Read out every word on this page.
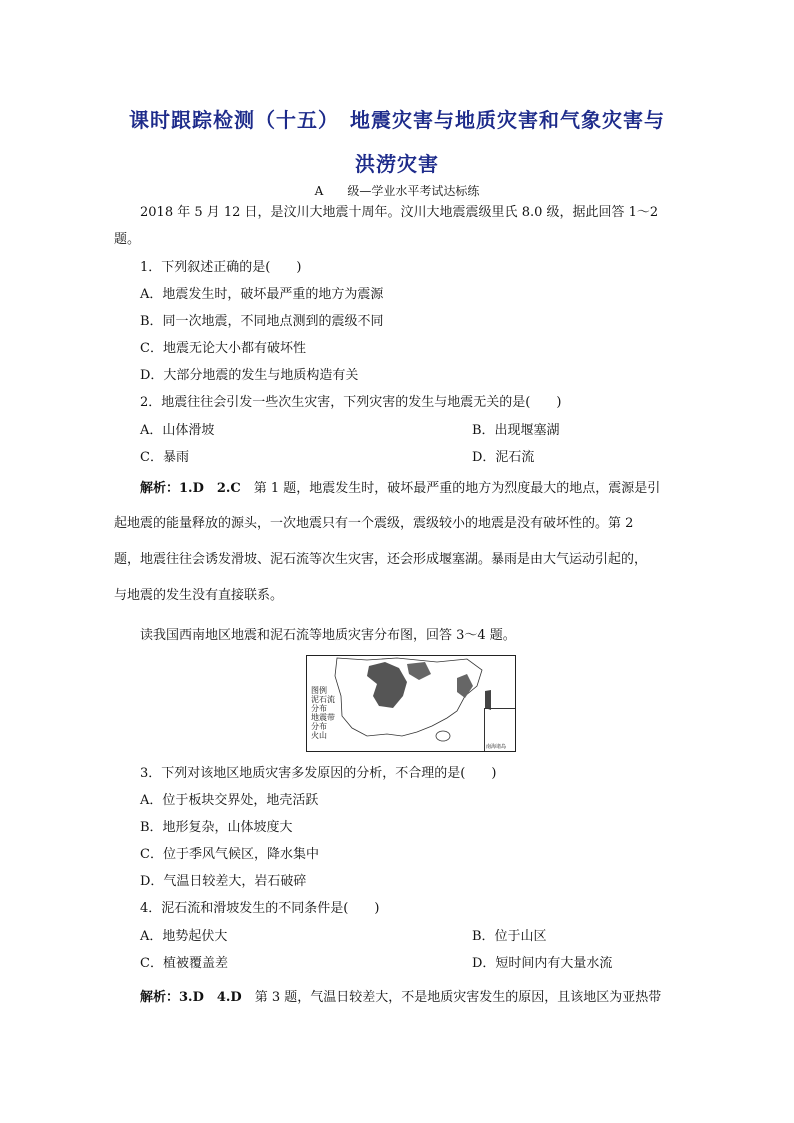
课时跟踪检测（十五）　地震灾害与地质灾害和气象灾害与
洪涝灾害
A　　级—学业水平考试达标练
2018 年 5 月 12 日，是汶川大地震十周年。汶川大地震震级里氏 8.0 级，据此回答 1～2
题。
1．下列叙述正确的是(　　)
A．地震发生时，破坏最严重的地方为震源
B．同一次地震，不同地点测到的震级不同
C．地震无论大小都有破坏性
D．大部分地震的发生与地质构造有关
2．地震往往会引发一些次生灾害，下列灾害的发生与地震无关的是(　　)
A．山体滑坡	B．出现堰塞湖
C．暴雨	D．泥石流
解析：1.D　2.C　第 1 题，地震发生时，破坏最严重的地方为烈度最大的地点，震源是引
起地震的能量释放的源头，一次地震只有一个震级，震级较小的地震是没有破坏性的。第 2
题，地震往往会诱发滑坡、泥石流等次生灾害，还会形成堰塞湖。暴雨是由大气运动引起的，
与地震的发生没有直接联系。
读我国西南地区地震和泥石流等地质灾害分布图，回答 3～4 题。
图例
泥石流分布
地震带分布
火山
南海诸岛
3．下列对该地区地质灾害多发原因的分析，不合理的是(　　)
A．位于板块交界处，地壳活跃
B．地形复杂，山体坡度大
C．位于季风气候区，降水集中
D．气温日较差大，岩石破碎
4．泥石流和滑坡发生的不同条件是(　　)
A．地势起伏大	B．位于山区
C．植被覆盖差	D．短时间内有大量水流
解析：3.D　4.D　第 3 题，气温日较差大，不是地质灾害发生的原因，且该地区为亚热带
